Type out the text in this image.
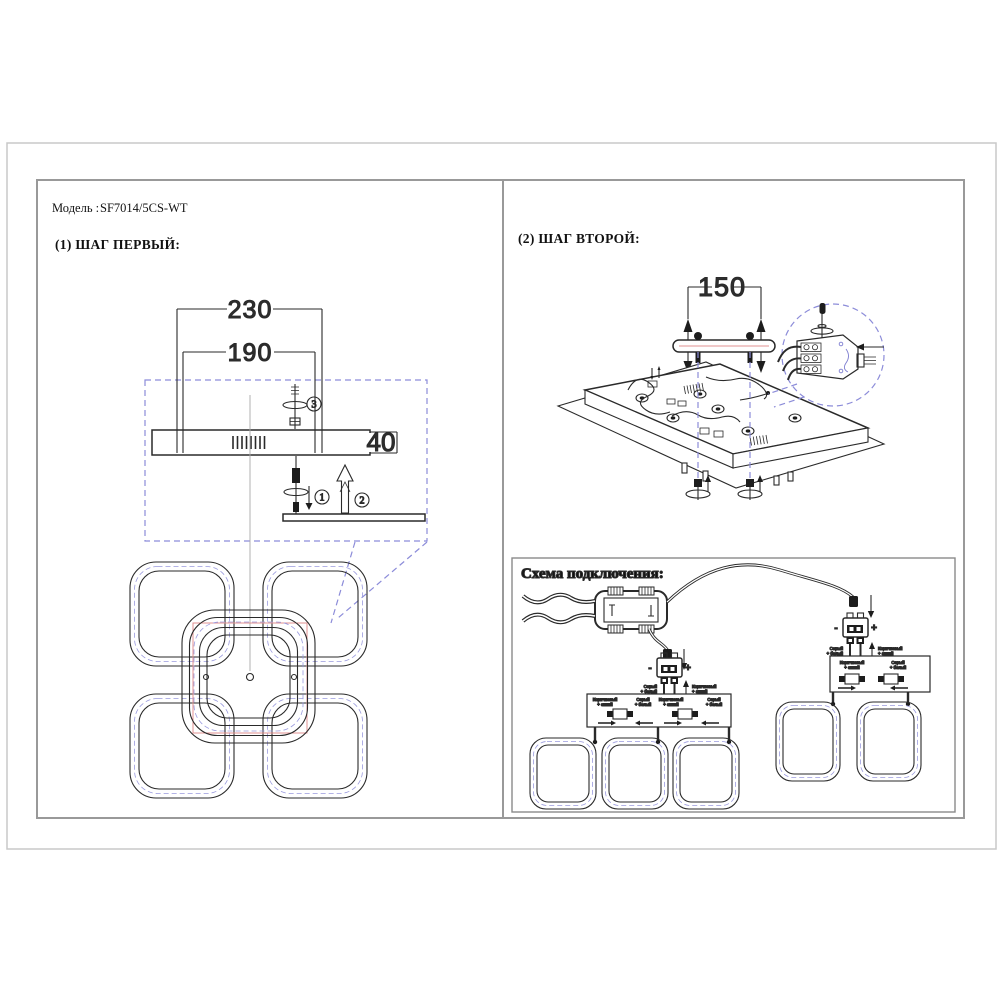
Модель : SF7014/5CS-WT
(1) ШАГ ПЕРВЫЙ:	(2) ШАГ ВТОРОЙ:
230
190
40
3
1	2
150
Схема подключения:
-	+
Серый
+ белый
Коричневый
+ синий
Коричневый
+ синий
Серый
+ белый
Коричневый
+ синий
Серый
+ белый
-	+
Серый
+ белый
Коричневый
+ синий
Коричневый
+ синий
Серый
+ белый
